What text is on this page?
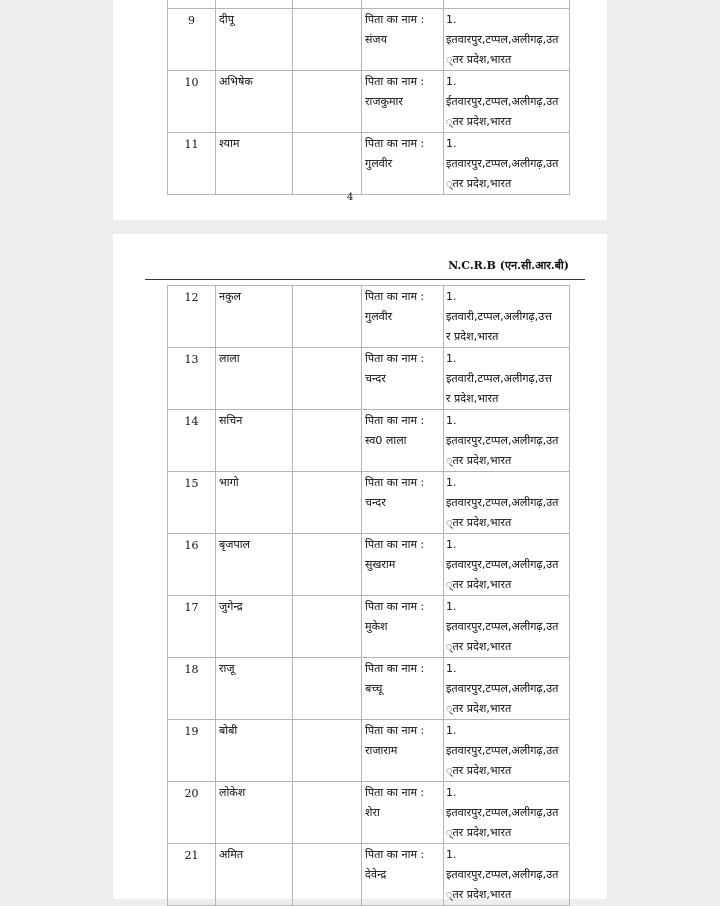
9	दीपू		पिता का नाम :
संजय	1.
इतवारपुर,टप्पल,अलीगढ़,उत
्तर प्रदेश,भारत

10	अभिषेक		पिता का नाम :
राजकुमार	1.
ईतवारपुर,टप्पल,अलीगढ़,उत
्तर प्रदेश,भारत

11	श्याम		पिता का नाम :
गुलवीर	1.
इतवारपुर,टप्पल,अलीगढ़,उत
्तर प्रदेश,भारत
4
N.C.R.B (एन.सी.आर.बी)
12	नकुल		पिता का नाम :
गुलवीर	1.
इतवारी,टप्पल,अलीगढ़,उत्त
र प्रदेश,भारत

13	लाला		पिता का नाम :
चन्दर	1.
इतवारी,टप्पल,अलीगढ़,उत्त
र प्रदेश,भारत

14	सचिन		पिता का नाम :
स्व0 लाला	1.
इतवारपुर,टप्पल,अलीगढ़,उत
्तर प्रदेश,भारत

15	भागो		पिता का नाम :
चन्दर	1.
इतवारपुर,टप्पल,अलीगढ़,उत
्तर प्रदेश,भारत

16	बृजपाल		पिता का नाम :
सुखराम	1.
इतवारपुर,टप्पल,अलीगढ़,उत
्तर प्रदेश,भारत

17	जुगेन्द्र		पिता का नाम :
मुकेश	1.
इतवारपुर,टप्पल,अलीगढ़,उत
्तर प्रदेश,भारत

18	राजू		पिता का नाम :
बच्चू	1.
इतवारपुर,टप्पल,अलीगढ़,उत
्तर प्रदेश,भारत

19	बोबी		पिता का नाम :
राजाराम	1.
इतवारपुर,टप्पल,अलीगढ़,उत
्तर प्रदेश,भारत

20	लोकेश		पिता का नाम :
शेरा	1.
इतवारपुर,टप्पल,अलीगढ़,उत
्तर प्रदेश,भारत

21	अमित		पिता का नाम :
देवेन्द्र	1.
इतवारपुर,टप्पल,अलीगढ़,उत
्तर प्रदेश,भारत
